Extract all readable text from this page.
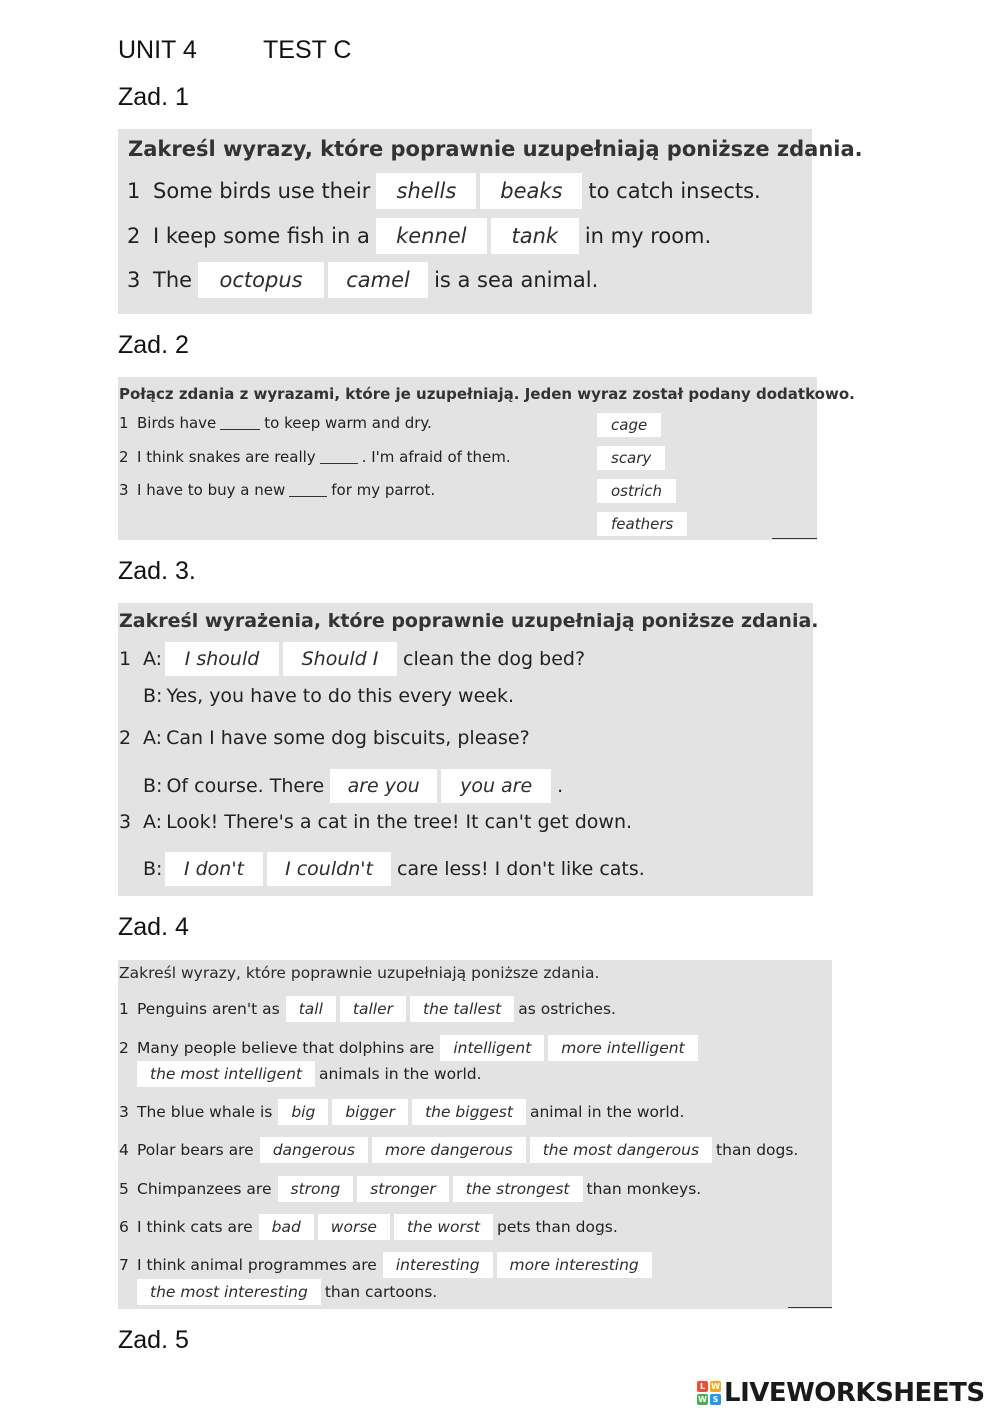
UNIT 4	TEST C
Zad. 1
Zakreśl wyrazy, które poprawnie uzupełniają poniższe zdania.
1 Some birds use their	shells	beaks	to catch insects.
2 I keep some fish in a	kennel	tank	in my room.
3 The	octopus	camel	is a sea animal.
Zad. 2
Połącz zdania z wyrazami, które je uzupełniają. Jeden wyraz został podany dodatkowo.
1 Birds have	to keep warm and dry.
2 I think snakes are really	. I'm afraid of them.
3 I have to buy a new	for my parrot.
cage
scary
ostrich
feathers
Zad. 3.
Zakreśl wyrażenia, które poprawnie uzupełniają poniższe zdania.
1 A:	I should	Should I	clean the dog bed?
B: Yes, you have to do this every week.
2 A: Can I have some dog biscuits, please?
B: Of course. There	are you	you are	.
3 A: Look! There's a cat in the tree! It can't get down.
B:	I don't	I couldn't	care less! I don't like cats.
Zad. 4
Zakreśl wyrazy, które poprawnie uzupełniają poniższe zdania.
1 Penguins aren't as	tall	taller	the tallest	as ostriches.
2 Many people believe that dolphins are	intelligent	more intelligent
the most intelligent	animals in the world.
3 The blue whale is	big	bigger	the biggest	animal in the world.
4 Polar bears are	dangerous	more dangerous	the most dangerous	than dogs.
5 Chimpanzees are	strong	stronger	the strongest	than monkeys.
6 I think cats are	bad	worse	the worst	pets than dogs.
7 I think animal programmes are	interesting	more interesting
the most interesting	than cartoons.
Zad. 5
L W
W S LIVEWORKSHEETS
